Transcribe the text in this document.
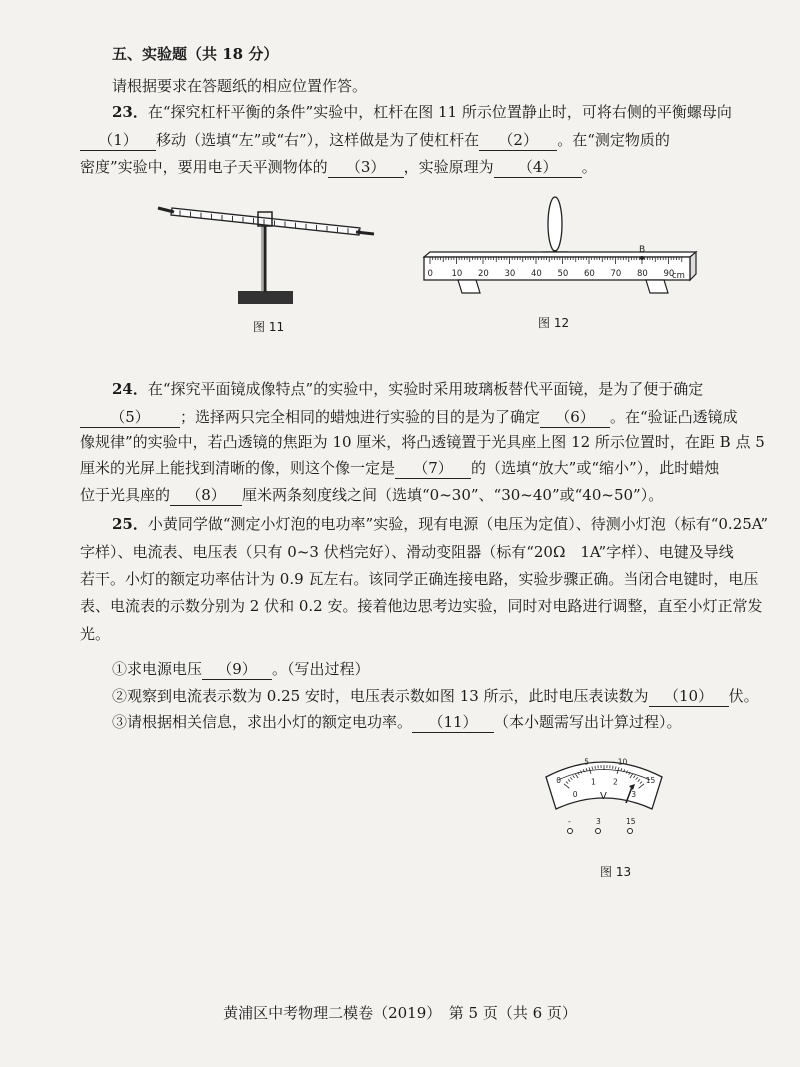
五、实验题（共 18 分）
请根据要求在答题纸的相应位置作答。
23．在“探究杠杆平衡的条件”实验中，杠杆在图 11 所示位置静止时，可将右侧的平衡螺母向
（1） 移动（选填“左”或“右”），这样做是为了使杠杆在 （2） 。在“测定物质的
密度”实验中，要用电子天平测物体的 （3） ，实验原理为 （4） 。
图 11
0 10 20 30 40 50 60 70 80 90
cm
B
图 12
24．在“探究平面镜成像特点”的实验中，实验时采用玻璃板替代平面镜，是为了便于确定
（5） ；选择两只完全相同的蜡烛进行实验的目的是为了确定 （6） 。在“验证凸透镜成
像规律”的实验中，若凸透镜的焦距为 10 厘米，将凸透镜置于光具座上图 12 所示位置时，在距 B 点 5
厘米的光屏上能找到清晰的像，则这个像一定是 （7） 的（选填“放大”或“缩小”），此时蜡烛
位于光具座的 （8） 厘米两条刻度线之间（选填“0~30”、“30~40”或“40~50”）。
25．小黄同学做“测定小灯泡的电功率”实验，现有电源（电压为定值）、待测小灯泡（标有“0.25A”
字样）、电流表、电压表（只有 0~3 伏档完好）、滑动变阻器（标有“20Ω　1A”字样）、电键及导线
若干。小灯的额定功率估计为 0.9 瓦左右。该同学正确连接电路，实验步骤正确。当闭合电键时，电压
表、电流表的示数分别为 2 伏和 0.2 安。接着他边思考边实验，同时对电路进行调整，直至小灯正常发
光。
①求电源电压 （9） 。（写出过程）
②观察到电流表示数为 0.25 安时，电压表示数如图 13 所示，此时电压表读数为 （10） 伏。
③请根据相关信息，求出小灯的额定电功率。 （11） （本小题需写出计算过程）。
0
5	10
15
0
1 2
3
V
-	3	15
图 13
黄浦区中考物理二模卷（2019）　第 5 页（共 6 页）
